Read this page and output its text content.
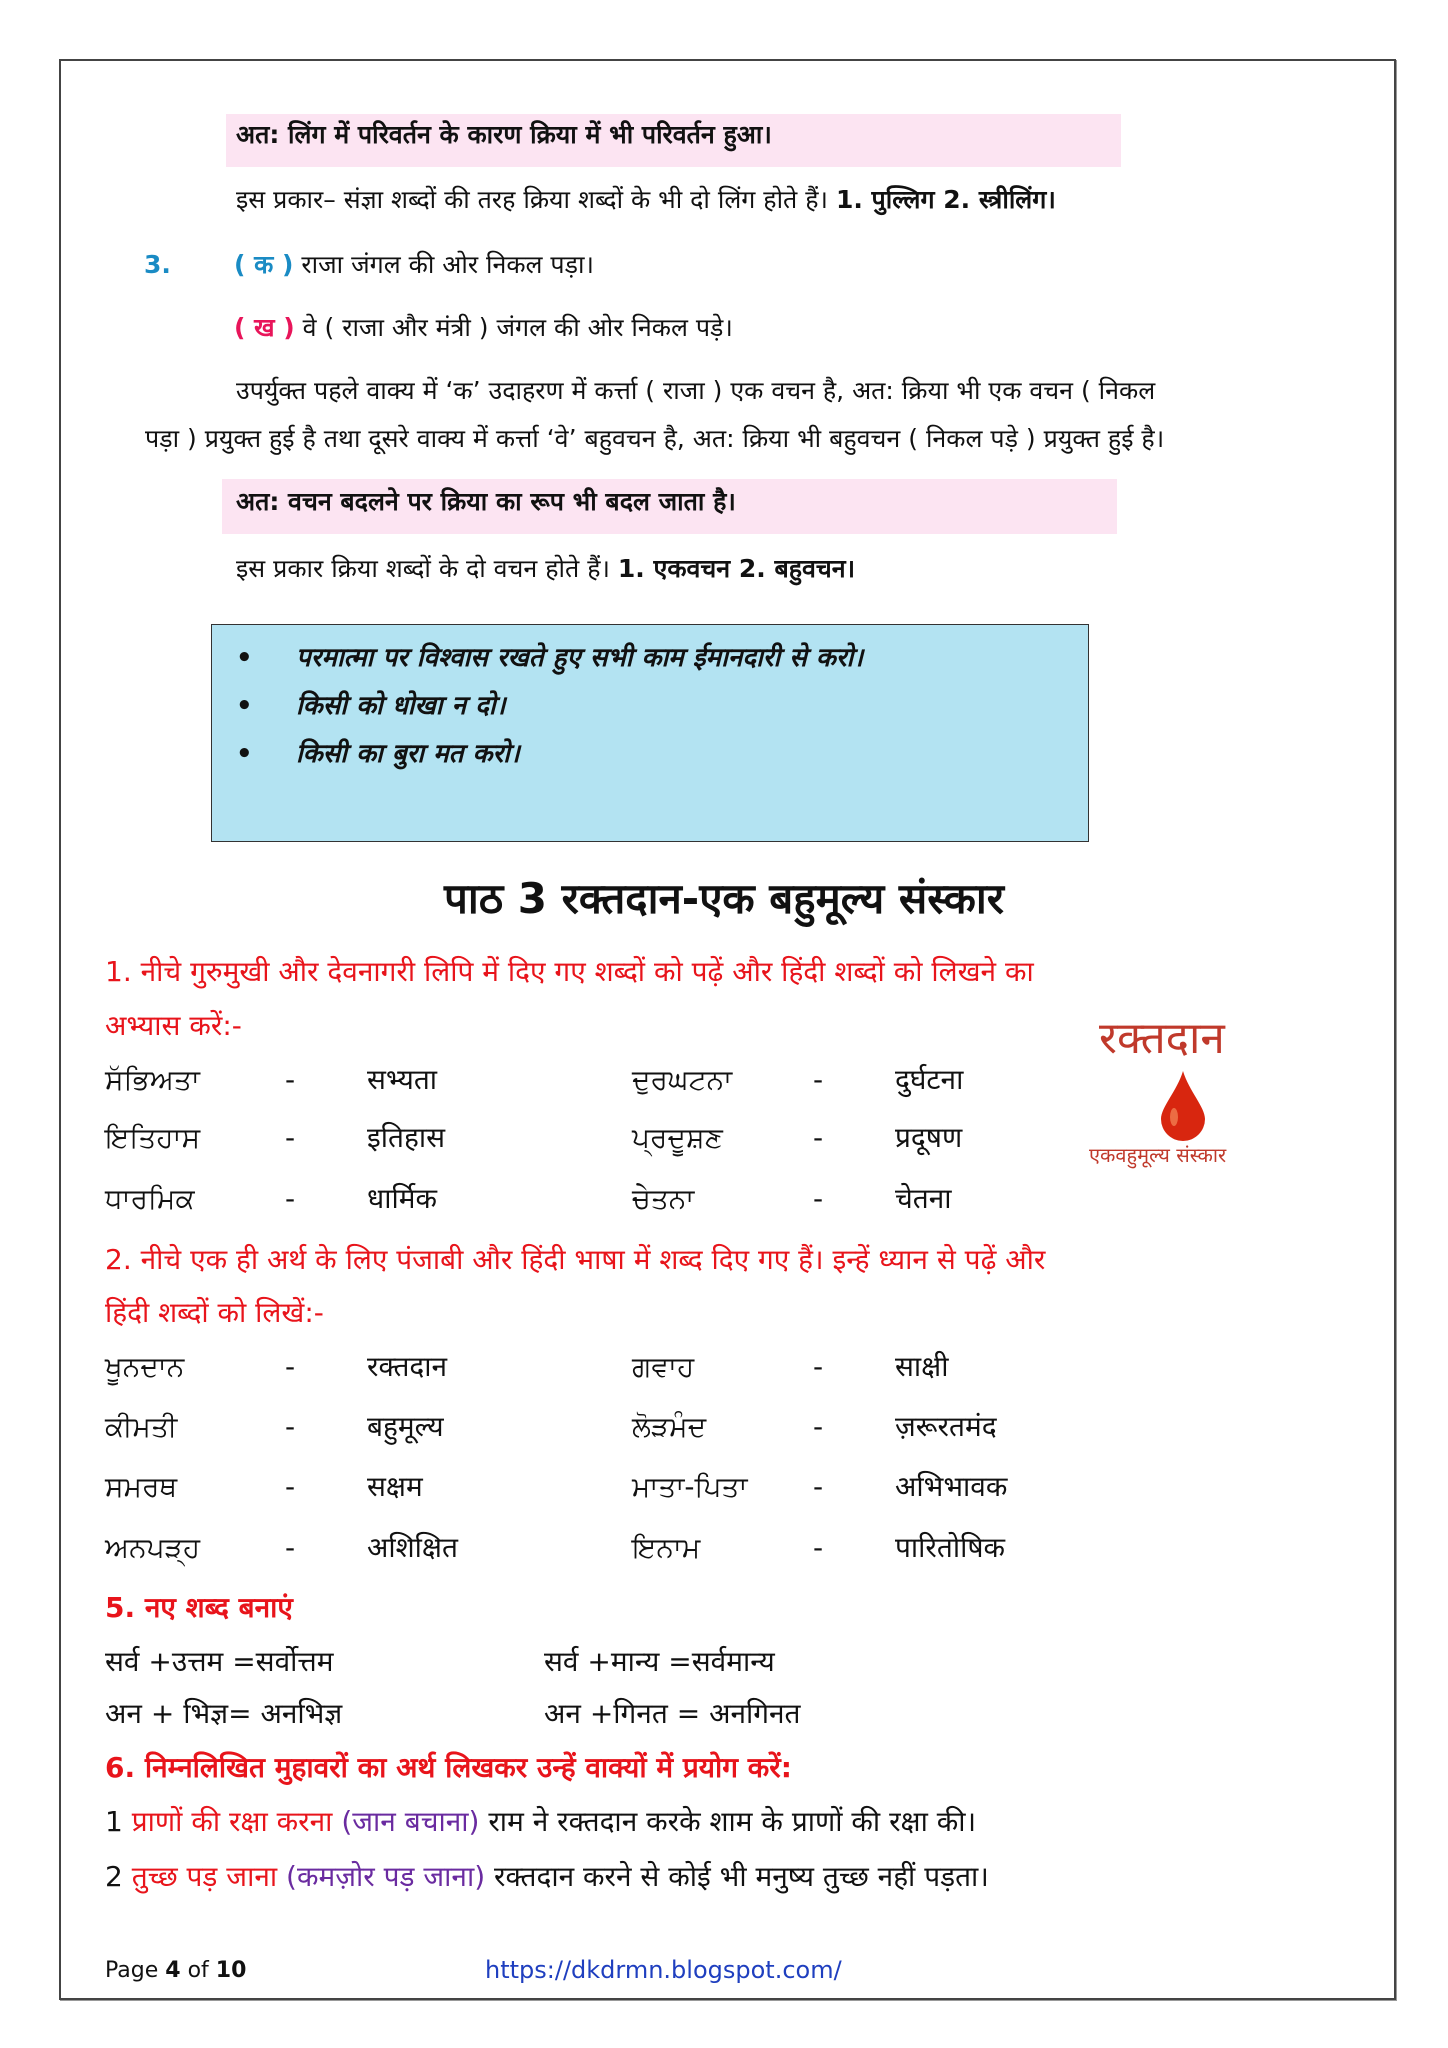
अत: लिंग में परिवर्तन के कारण क्रिया में भी परिवर्तन हुआ।
इस प्रकार– संज्ञा शब्दों की तरह क्रिया शब्दों के भी दो लिंग होते हैं। 1. पुल्लिग 2. स्त्रीलिंग।
3.	( क ) राजा जंगल की ओर निकल पड़ा।
( ख ) वे ( राजा और मंत्री ) जंगल की ओर निकल पड़े।
उपर्युक्त पहले वाक्य में ‘क’ उदाहरण में कर्त्ता ( राजा ) एक वचन है, अत: क्रिया भी एक वचन ( निकल
पड़ा ) प्रयुक्त हुई है तथा दूसरे वाक्य में कर्त्ता ‘वे’ बहुवचन है, अत: क्रिया भी बहुवचन ( निकल पड़े ) प्रयुक्त हुई है।
अत: वचन बदलने पर क्रिया का रूप भी बदल जाता है।
इस प्रकार क्रिया शब्दों के दो वचन होते हैं। 1. एकवचन 2. बहुवचन।
• परमात्मा पर विश्वास रखते हुए सभी काम ईमानदारी से करो।
• किसी को धोखा न दो।
• किसी का बुरा मत करो।
पाठ 3 रक्तदान-एक बहुमूल्य संस्कार
1. नीचे गुरुमुखी और देवनागरी लिपि में दिए गए शब्दों को पढ़ें और हिंदी शब्दों को लिखने का
अभ्यास करें:-	रक्तदान
एकवहुमूल्य संस्कार
ਸੱਭਿਅਤਾ	-	सभ्यता	ਦੁਰਘਟਨਾ	-	दुर्घटना
ਇਤਿਹਾਸ	-	इतिहास	ਪ੍ਰਦੂਸ਼ਣ	-	प्रदूषण
ਧਾਰਮਿਕ	-	धार्मिक	ਚੇਤਨਾ	-	चेतना
2. नीचे एक ही अर्थ के लिए पंजाबी और हिंदी भाषा में शब्द दिए गए हैं। इन्हें ध्यान से पढ़ें और
हिंदी शब्दों को लिखें:-
ਖੂਨਦਾਨ	-	रक्तदान	ਗਵਾਹ	-	साक्षी
ਕੀਮਤੀ	-	बहुमूल्य	ਲੋੜਮੰਦ	-	ज़रूरतमंद
ਸਮਰਥ	-	सक्षम	ਮਾਤਾ-ਪਿਤਾ -	अभिभावक
ਅਨਪੜ੍ਹ	-	अशिक्षित	ਇਨਾਮ	-	पारितोषिक
5. नए शब्द बनाएं
सर्व +उत्तम =सर्वोत्तम	सर्व +मान्य =सर्वमान्य
अन + भिज्ञ= अनभिज्ञ	अन +गिनत = अनगिनत
6. निम्नलिखित मुहावरों का अर्थ लिखकर उन्हें वाक्यों में प्रयोग करें:
1 प्राणों की रक्षा करना (जान बचाना) राम ने रक्तदान करके शाम के प्राणों की रक्षा की।
2 तुच्छ पड़ जाना (कमज़ोर पड़ जाना) रक्तदान करने से कोई भी मनुष्य तुच्छ नहीं पड़ता।
Page 4 of 10	https://dkdrmn.blogspot.com/
